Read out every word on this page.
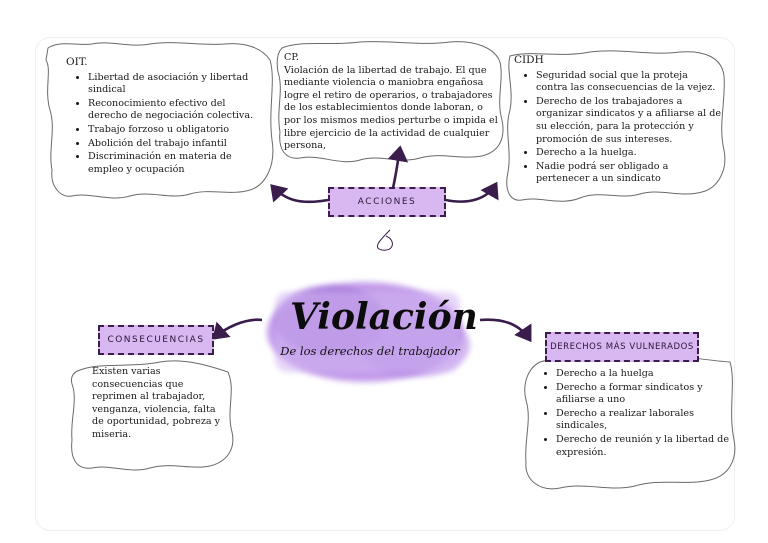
OIT.
• Libertad de asociación y libertad sindical
• Reconocimiento efectivo del derecho de negociación colectiva.
• Trabajo forzoso u obligatorio
• Abolición del trabajo infantil
• Discriminación en materia de empleo y ocupación
CP.
Violación de la libertad de trabajo. El que mediante violencia o maniobra engañosa logre el retiro de operarios, o trabajadores de los establecimientos donde laboran, o por los mismos medios perturbe o impida el libre ejercicio de la actividad de cualquier persona,
CIDH
• Seguridad social que la proteja contra las consecuencias de la vejez.
• Derecho de los trabajadores a organizar sindicatos y a afiliarse al de su elección, para la protección y promoción de sus intereses.
• Derecho a la huelga.
• Nadie podrá ser obligado a pertenecer a un sindicato
ACCIONES
CONSECUENCIAS
DERECHOS MÁS VULNERADOS
Violación
De los derechos del trabajador
Existen varias consecuencias que reprimen al trabajador, venganza, violencia, falta de oportunidad, pobreza y miseria.
• Derecho a la huelga
• Derecho a formar sindicatos y afiliarse a uno
• Derecho a realizar laborales sindicales,
• Derecho de reunión y la libertad de expresión.
